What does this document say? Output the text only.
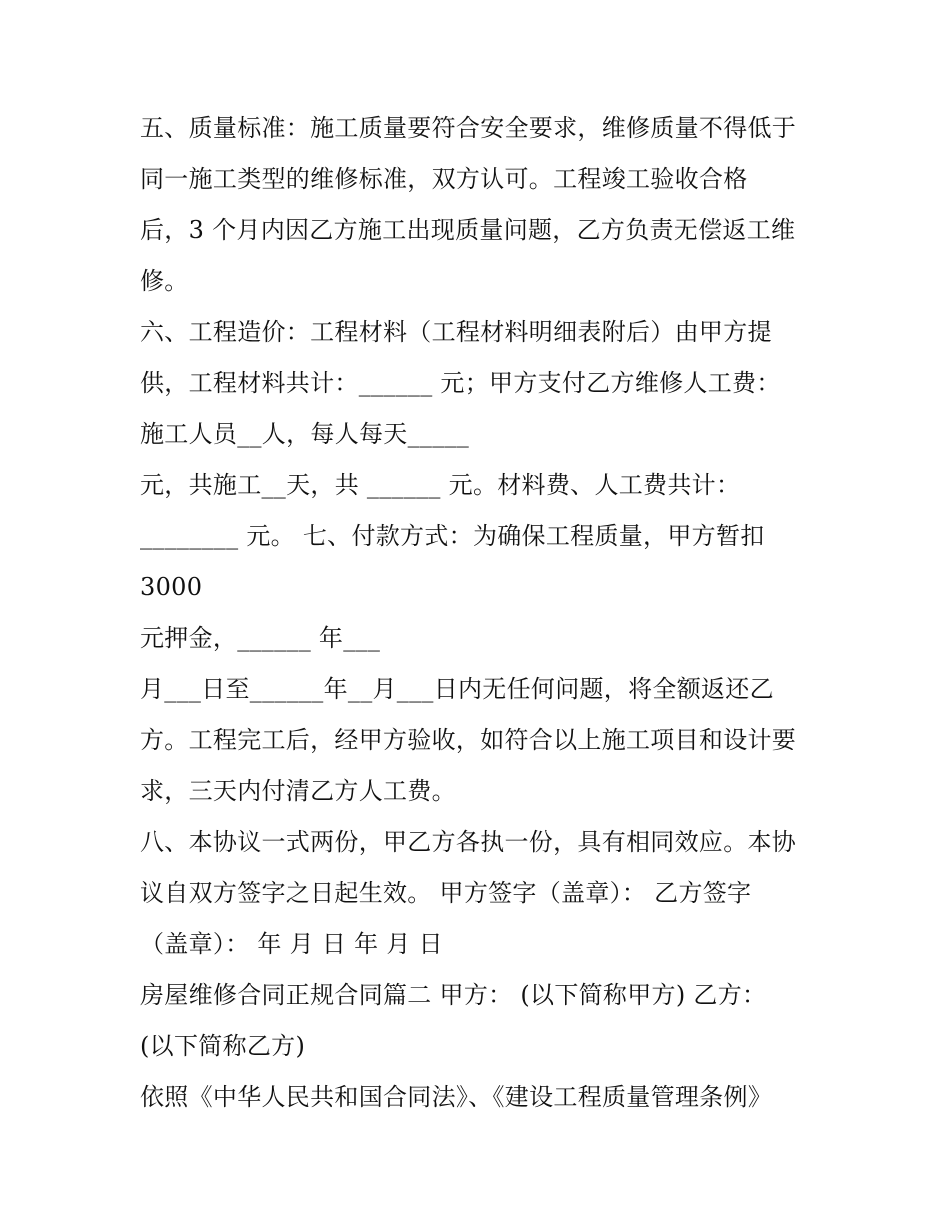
五、质量标准：施工质量要符合安全要求，维修质量不得低于
同一施工类型的维修标准，双方认可。工程竣工验收合格
后，3 个月内因乙方施工出现质量问题，乙方负责无偿返工维
修。
六、工程造价：工程材料（工程材料明细表附后）由甲方提
供，工程材料共计：______ 元；甲方支付乙方维修人工费：
施工人员__人，每人每天_____
元，共施工__天，共 ______ 元。材料费、人工费共计：
________ 元。 七、付款方式：为确保工程质量，甲方暂扣
3000
元押金，______ 年___
月___日至______年__月___日内无任何问题，将全额返还乙
方。工程完工后，经甲方验收，如符合以上施工项目和设计要
求，三天内付清乙方人工费。
八、本协议一式两份，甲乙方各执一份，具有相同效应。本协
议自双方签字之日起生效。 甲方签字（盖章）： 乙方签字
（盖章）： 年 月 日 年 月 日
房屋维修合同正规合同篇二 甲方： (以下简称甲方) 乙方：
(以下简称乙方)
依照《中华人民共和国合同法》、《建设工程质量管理条例》
